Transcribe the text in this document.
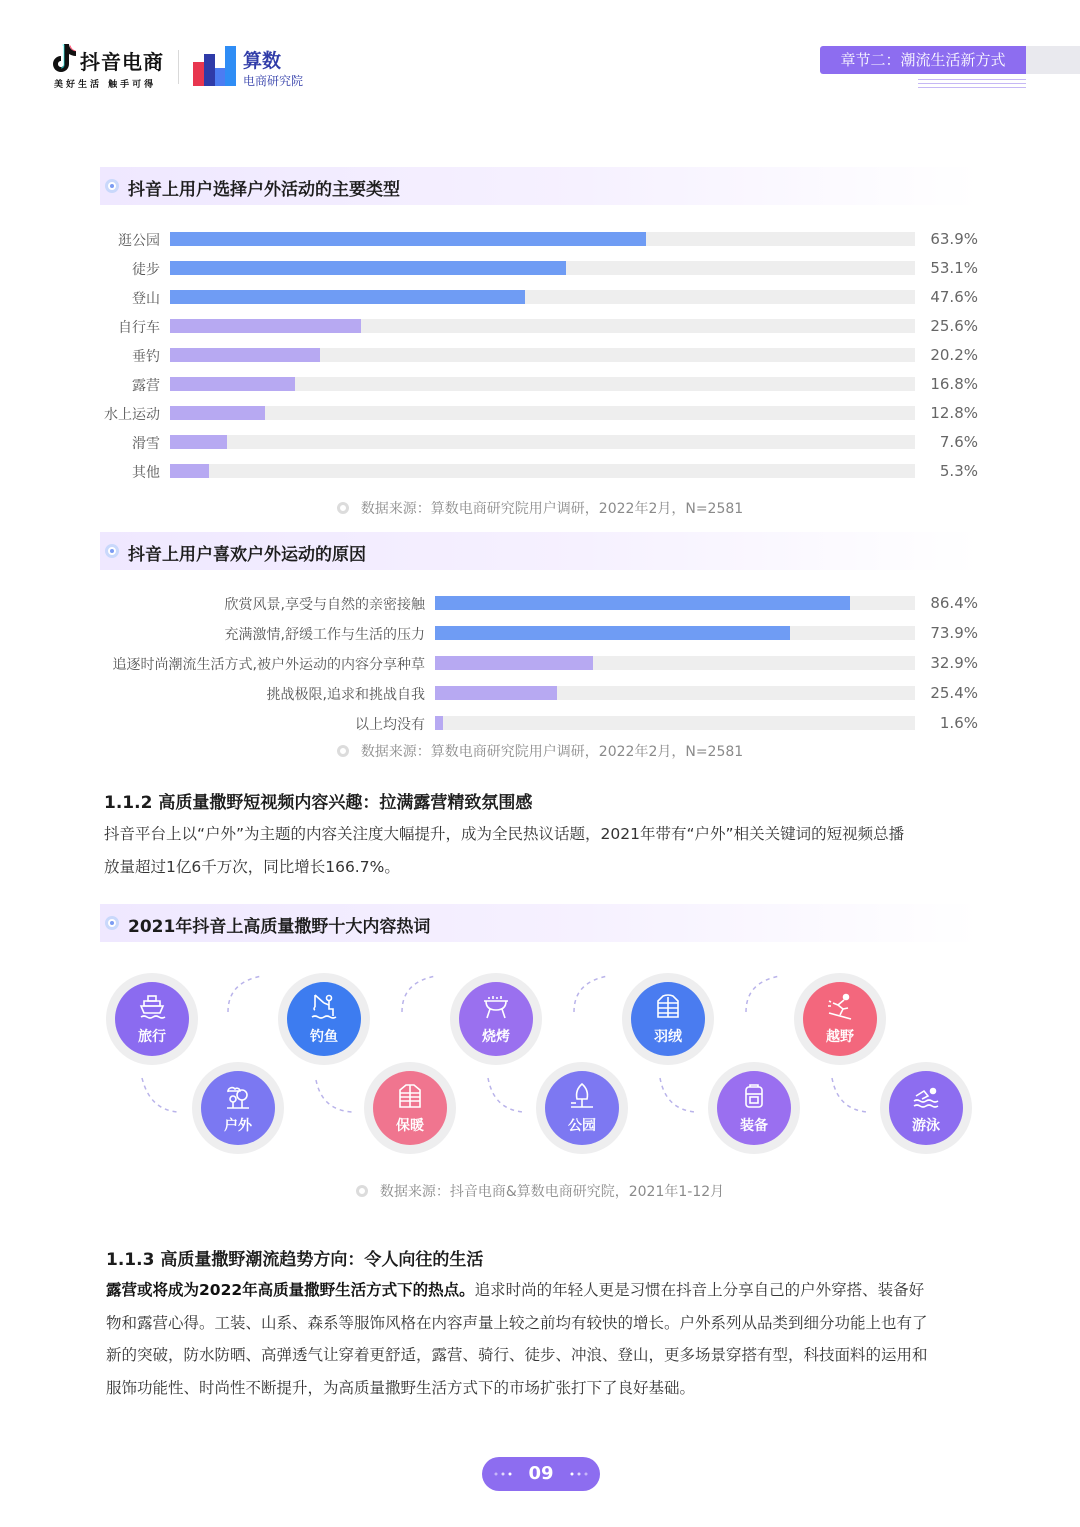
抖音电商
美好生活 触手可得
算数
电商研究院
章节二：潮流生活新方式
抖音上用户选择户外活动的主要类型
逛公园	63.9%
徒步	53.1%
登山	47.6%
自行车	25.6%
垂钓	20.2%
露营	16.8%
水上运动	12.8%
滑雪	7.6%
其他	5.3%
数据来源：算数电商研究院用户调研，2022年2月，N=2581
抖音上用户喜欢户外运动的原因
欣赏风景,享受与自然的亲密接触	86.4%
充满激情,舒缓工作与生活的压力	73.9%
追逐时尚潮流生活方式,被户外运动的内容分享种草	32.9%
挑战极限,追求和挑战自我	25.4%
以上均没有	1.6%
数据来源：算数电商研究院用户调研，2022年2月，N=2581
1.1.2 高质量撒野短视频内容兴趣：拉满露营精致氛围感
抖音平台上以“户外”为主题的内容关注度大幅提升，成为全民热议话题，2021年带有“户外”相关关键词的短视频总播
放量超过1亿6千万次，同比增长166.7%。
2021年抖音上高质量撒野十大内容热词
旅行
户外
钓鱼
保暖
烧烤
公园
羽绒
装备
越野
游泳
数据来源：抖音电商&算数电商研究院，2021年1-12月
1.1.3 高质量撒野潮流趋势方向：令人向往的生活
露营或将成为2022年高质量撒野生活方式下的热点。追求时尚的年轻人更是习惯在抖音上分享自己的户外穿搭、装备好
物和露营心得。工装、山系、森系等服饰风格在内容声量上较之前均有较快的增长。户外系列从品类到细分功能上也有了
新的突破，防水防晒、高弹透气让穿着更舒适，露营、骑行、徒步、冲浪、登山，更多场景穿搭有型，科技面料的运用和
服饰功能性、时尚性不断提升，为高质量撒野生活方式下的市场扩张打下了良好基础。
09
